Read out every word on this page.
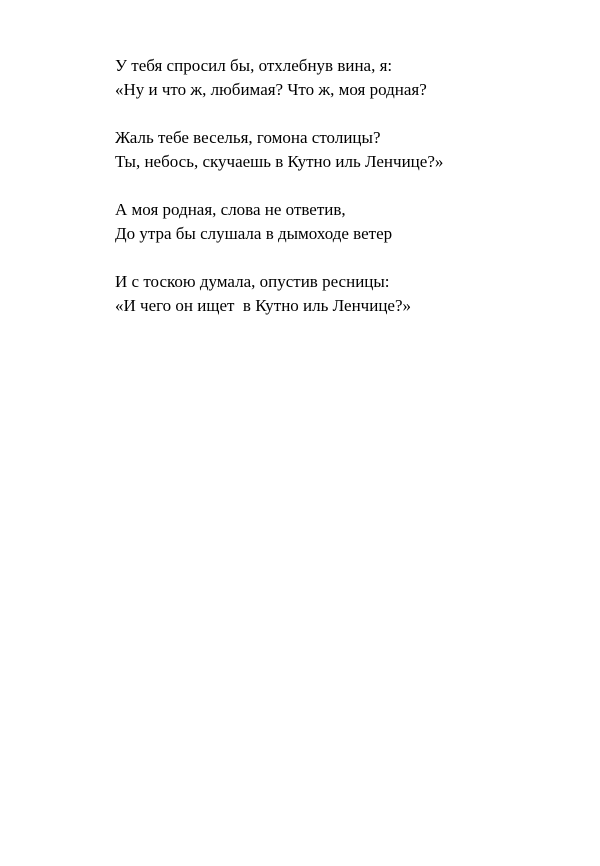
У тебя спросил бы, отхлебнув вина, я:
«Ну и что ж, любимая? Что ж, моя родная?
Жаль тебе веселья, гомона столицы?
Ты, небось, скучаешь в Кутно иль Ленчице?»
А моя родная, слова не ответив,
До утра бы слушала в дымоходе ветер
И с тоскою думала, опустив ресницы:
«И чего он ищет  в Кутно иль Ленчице?»
